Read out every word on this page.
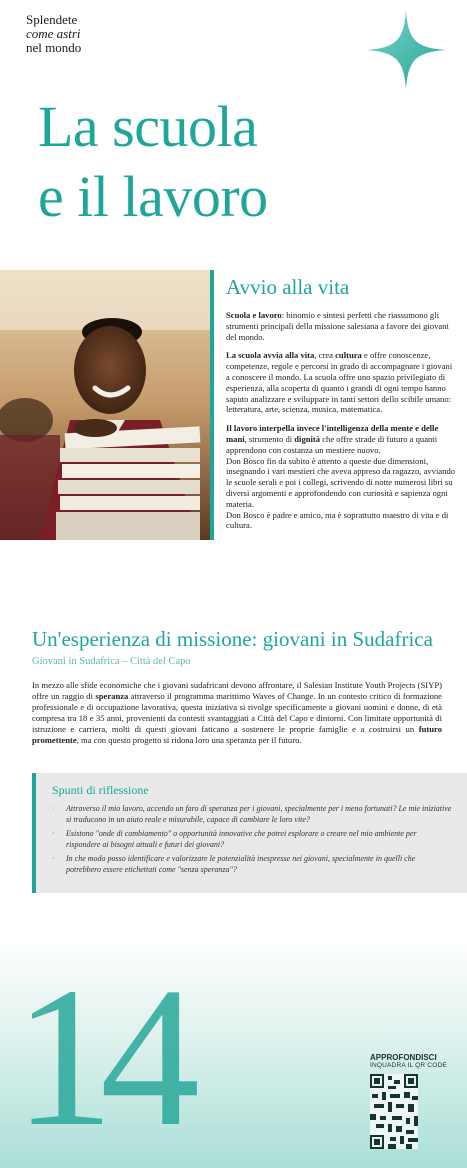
Splendete
come astri
nel mondo
La scuola
e il lavoro
Avvio alla vita

Scuola e lavoro: binomio e sintesi perfetti che riassumono gli strumenti principali della missione salesiana a favore dei giovani del mondo.

La scuola avvia alla vita, crea cultura e offre conoscenze, competenze, regole e percorsi in grado di accompagnare i giovani a conoscere il mondo. La scuola offre uno spazio privilegiato di esperienza, alla scoperta di quanto i grandi di ogni tempo hanno saputo analizzare e sviluppare in tanti settori dello scibile umano: letteratura, arte, scienza, musica, matematica.

Il lavoro interpella invece l'intelligenza della mente e delle mani, strumento di dignità che offre strade di futuro a quanti apprendono con costanza un mestiere nuovo.

Don Bosco fin da subito è attento a queste due dimensioni, insegnando i vari mestieri che aveva appreso da ragazzo, avviando le scuole serali e poi i collegi, scrivendo di notte numerosi libri su diversi argomenti e approfondendo con curiosità e sapienza ogni materia.

Don Bosco è padre e amico, ma è soprattutto maestro di vita e di cultura.

Un'esperienza di missione: giovani in Sudafrica
Giovani in Sudafrica – Città del Capo

In mezzo alle sfide economiche che i giovani sudafricani devono affrontare, il Salesian Institute Youth Projects (SIYP) offre un raggio di speranza attraverso il programma marittimo Waves of Change. In un contesto critico di formazione professionale e di occupazione lavorativa, questa iniziativa si rivolge specificamente a giovani uomini e donne, di età compresa tra 18 e 35 anni, provenienti da contesti svantaggiati a Città del Capo e dintorni. Con limitate opportunità di istruzione e carriera, molti di questi giovani faticano a sostenere le proprie famiglie e a costruirsi un futuro promettente, ma con questo progetto si ridona loro una speranza per il futuro.

Spunti di riflessione
· Attraverso il mio lavoro, accendo un faro di speranza per i giovani, specialmente per i meno fortunati? Le mie iniziative si traducono in un aiuto reale e misurabile, capace di cambiare le loro vite?
· Esistono "onde di cambiamento" o opportunità innovative che potrei esplorare o creare nel mio ambiente per rispondere ai bisogni attuali e futuri dei giovani?
· In che modo posso identificare e valorizzare le potenzialità inespresse nei giovani, specialmente in quelli che potrebbero essere etichettati come "senza speranza"?
14	APPROFONDISCI
INQUADRA IL QR CODE
